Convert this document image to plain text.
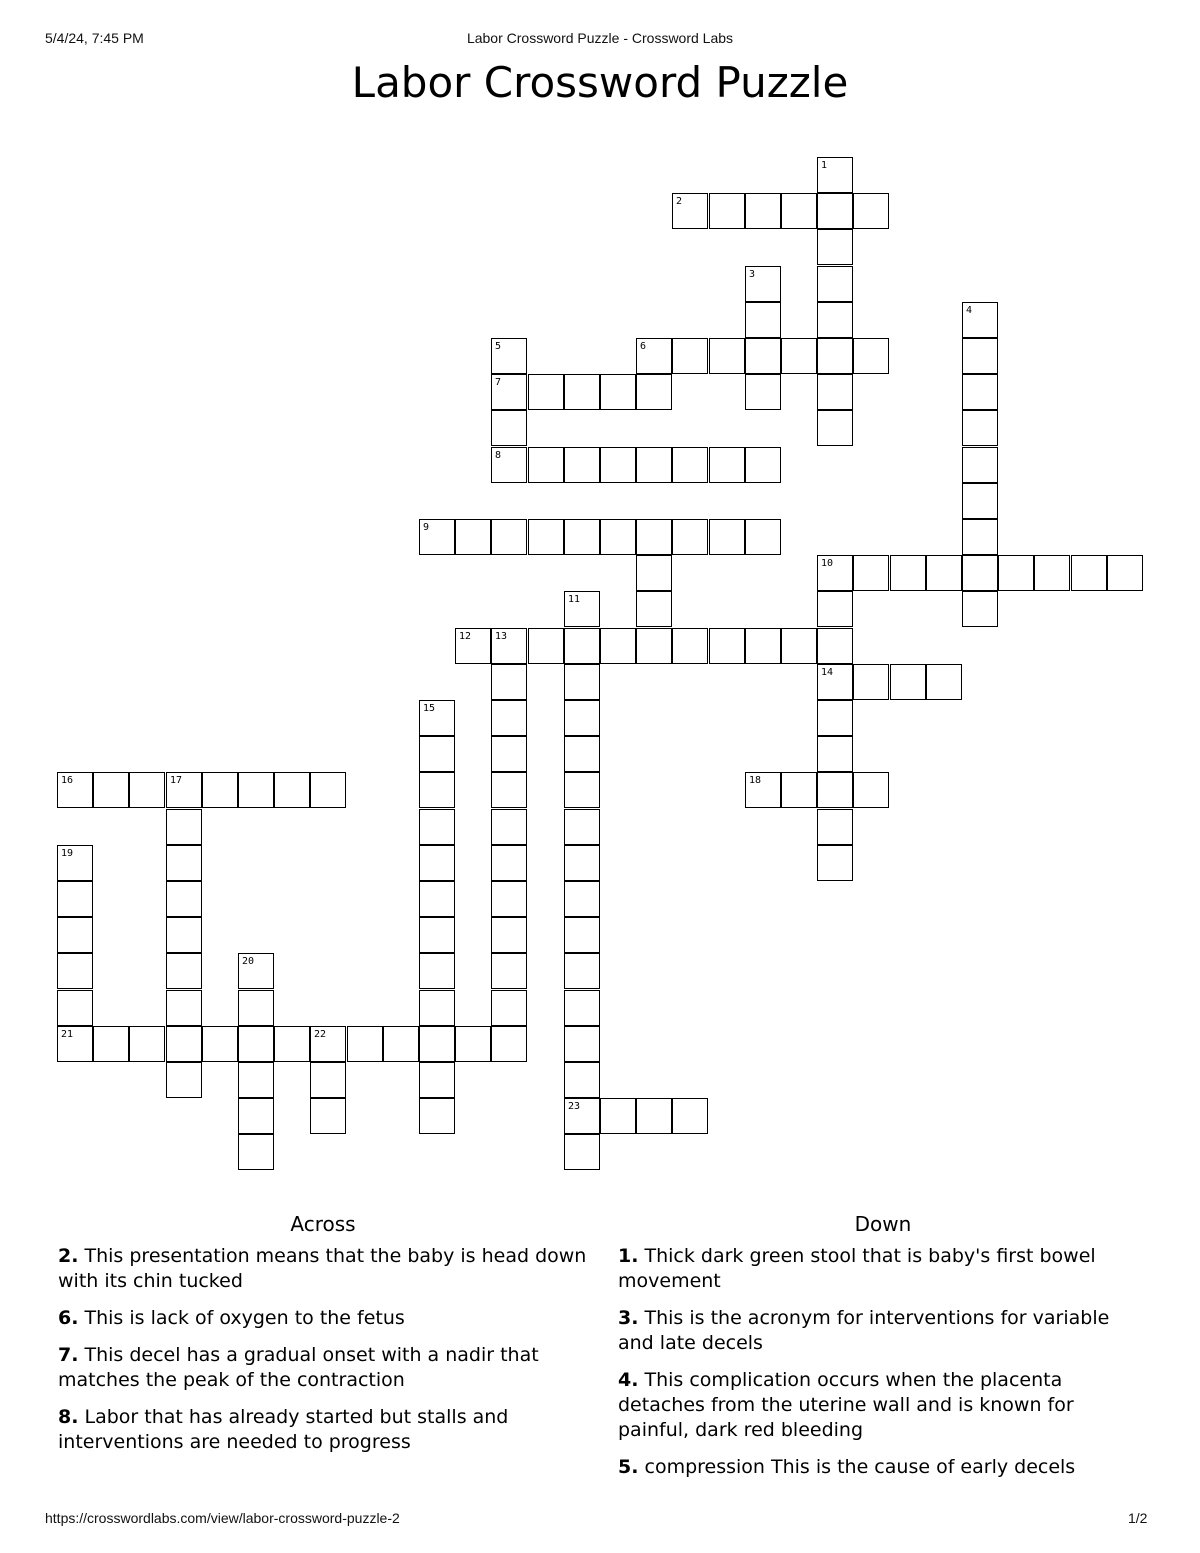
5/4/24, 7:45 PM	Labor Crossword Puzzle - Crossword Labs
Labor Crossword Puzzle
1
2
3
4
5
7
8
6
9
10
11
23
12 13
14
15
16	17	18
19
21
20
22
Across
2. This presentation means that the baby is head down with its chin tucked
6. This is lack of oxygen to the fetus
7. This decel has a gradual onset with a nadir that matches the peak of the contraction
8. Labor that has already started but stalls and interventions are needed to progress
Down
1. Thick dark green stool that is baby's first bowel movement
3. This is the acronym for interventions for variable and late decels
4. This complication occurs when the placenta detaches from the uterine wall and is known for painful, dark red bleeding
5. compression This is the cause of early decels
https://crosswordlabs.com/view/labor-crossword-puzzle-2	1/2
